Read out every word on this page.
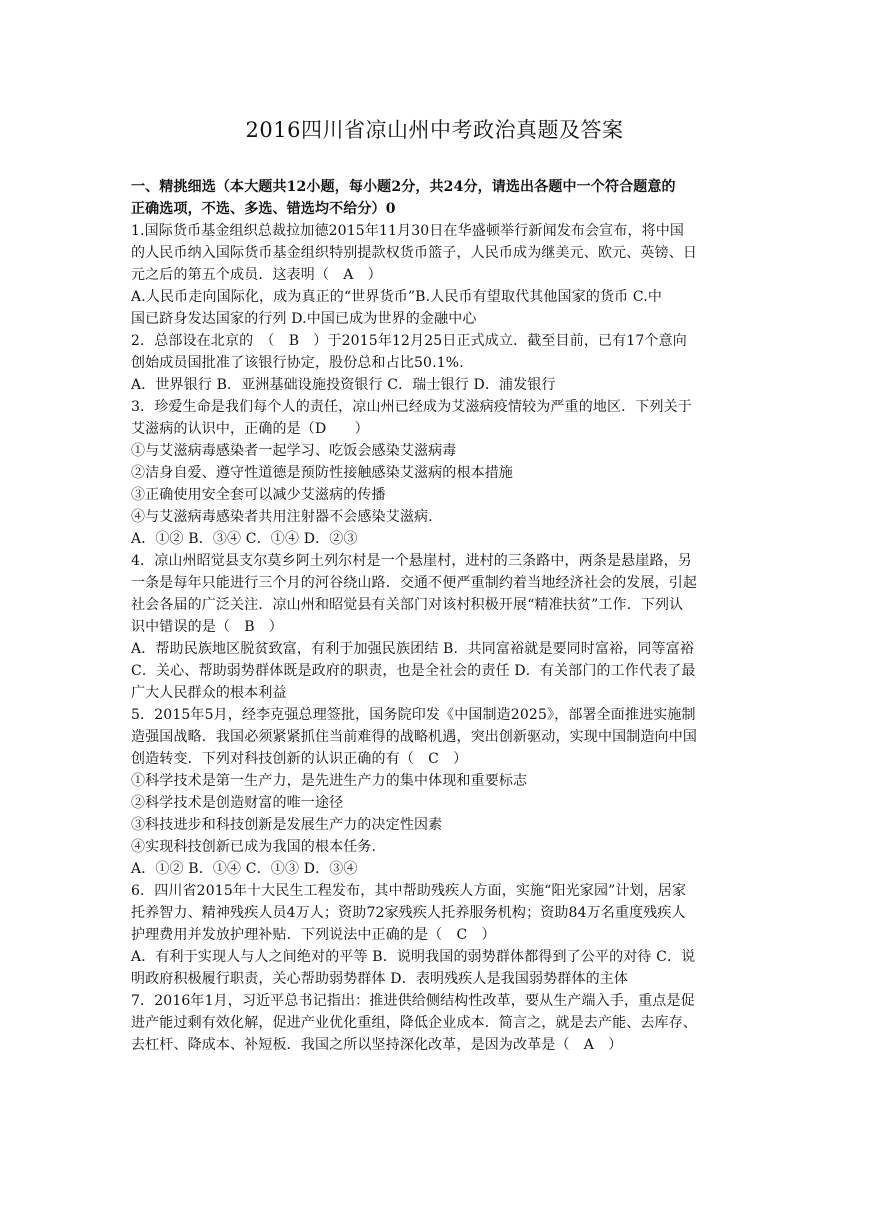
2016四川省凉山州中考政治真题及答案
一、精挑细选（本大题共12小题，每小题2分，共24分，请选出各题中一个符合题意的
正确选项，不选、多选、错选均不给分）0
1.国际货币基金组织总裁拉加德2015年11月30日在华盛顿举行新闻发布会宣布，将中国
的人民币纳入国际货币基金组织特别提款权货币篮子，人民币成为继美元、欧元、英镑、日
元之后的第五个成员．这表明（　A　）
A.人民币走向国际化，成为真正的“世界货币”B.人民币有望取代其他国家的货币 C.中
国已跻身发达国家的行列 D.中国已成为世界的金融中心
2．总部设在北京的　（　B　）于2015年12月25日正式成立．截至目前，已有17个意向
创始成员国批准了该银行协定，股份总和占比50.1%.
A．世界银行 B．亚洲基础设施投资银行 C．瑞士银行 D．浦发银行
3．珍爱生命是我们每个人的责任，凉山州已经成为艾滋病疫情较为严重的地区．下列关于
艾滋病的认识中，正确的是（D　　）
①与艾滋病毒感染者一起学习、吃饭会感染艾滋病毒
②洁身自爱、遵守性道德是预防性接触感染艾滋病的根本措施
③正确使用安全套可以减少艾滋病的传播
④与艾滋病毒感染者共用注射器不会感染艾滋病.
A．①② B．③④ C．①④ D．②③
4．凉山州昭觉县支尔莫乡阿土列尔村是一个悬崖村，进村的三条路中，两条是悬崖路，另
一条是每年只能进行三个月的河谷绕山路．交通不便严重制约着当地经济社会的发展，引起
社会各届的广泛关注．凉山州和昭觉县有关部门对该村积极开展“精准扶贫”工作．下列认
识中错误的是（　B　）
A．帮助民族地区脱贫致富，有利于加强民族团结 B．共同富裕就是要同时富裕，同等富裕
C．关心、帮助弱势群体既是政府的职责，也是全社会的责任 D．有关部门的工作代表了最
广大人民群众的根本利益
5．2015年5月，经李克强总理签批，国务院印发《中国制造2025》，部署全面推进实施制
造强国战略．我国必须紧紧抓住当前难得的战略机遇，突出创新驱动，实现中国制造向中国
创造转变．下列对科技创新的认识正确的有（　C　）
①科学技术是第一生产力，是先进生产力的集中体现和重要标志
②科学技术是创造财富的唯一途径
③科技进步和科技创新是发展生产力的决定性因素
④实现科技创新已成为我国的根本任务.
A．①② B．①④ C．①③ D．③④
6．四川省2015年十大民生工程发布，其中帮助残疾人方面，实施“阳光家园”计划，居家
托养智力、精神残疾人员4万人；资助72家残疾人托养服务机构；资助84万名重度残疾人
护理费用并发放护理补贴．下列说法中正确的是（　C　）
A．有利于实现人与人之间绝对的平等 B．说明我国的弱势群体都得到了公平的对待 C．说
明政府积极履行职责，关心帮助弱势群体 D．表明残疾人是我国弱势群体的主体
7．2016年1月，习近平总书记指出：推进供给侧结构性改革，要从生产端入手，重点是促
进产能过剩有效化解，促进产业优化重组，降低企业成本．简言之，就是去产能、去库存、
去杠杆、降成本、补短板．我国之所以坚持深化改革，是因为改革是（　A　）
